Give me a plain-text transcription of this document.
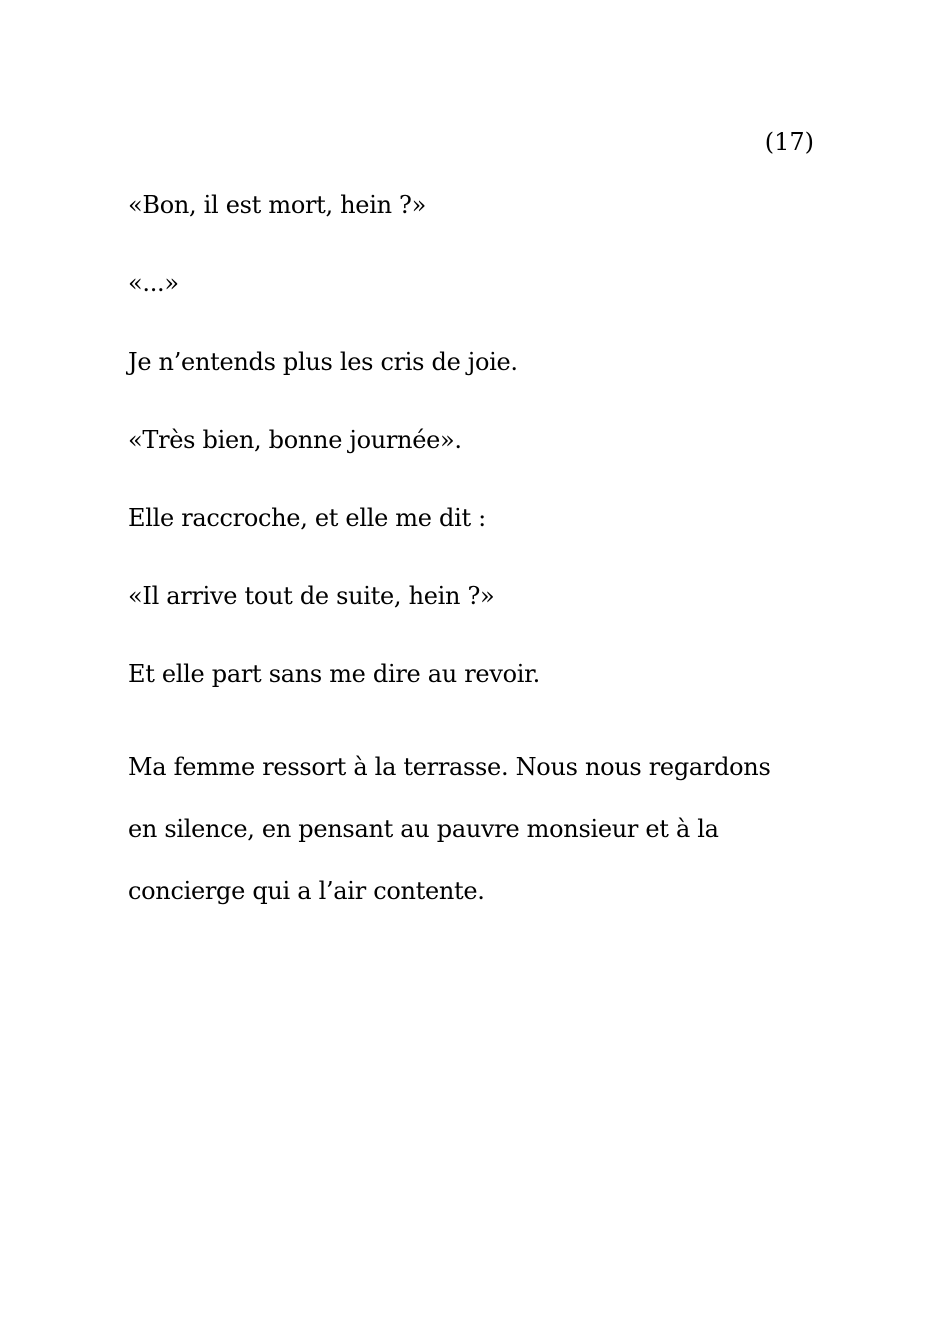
(17)

«Bon, il est mort, hein ?»

«...»

Je n’entends plus les cris de joie.

«Très bien, bonne journée».

Elle raccroche, et elle me dit :

«Il arrive tout de suite, hein ?»

Et elle part sans me dire au revoir.

Ma femme ressort à la terrasse. Nous nous regardons
en silence, en pensant au pauvre monsieur et à la
concierge qui a l’air contente.
